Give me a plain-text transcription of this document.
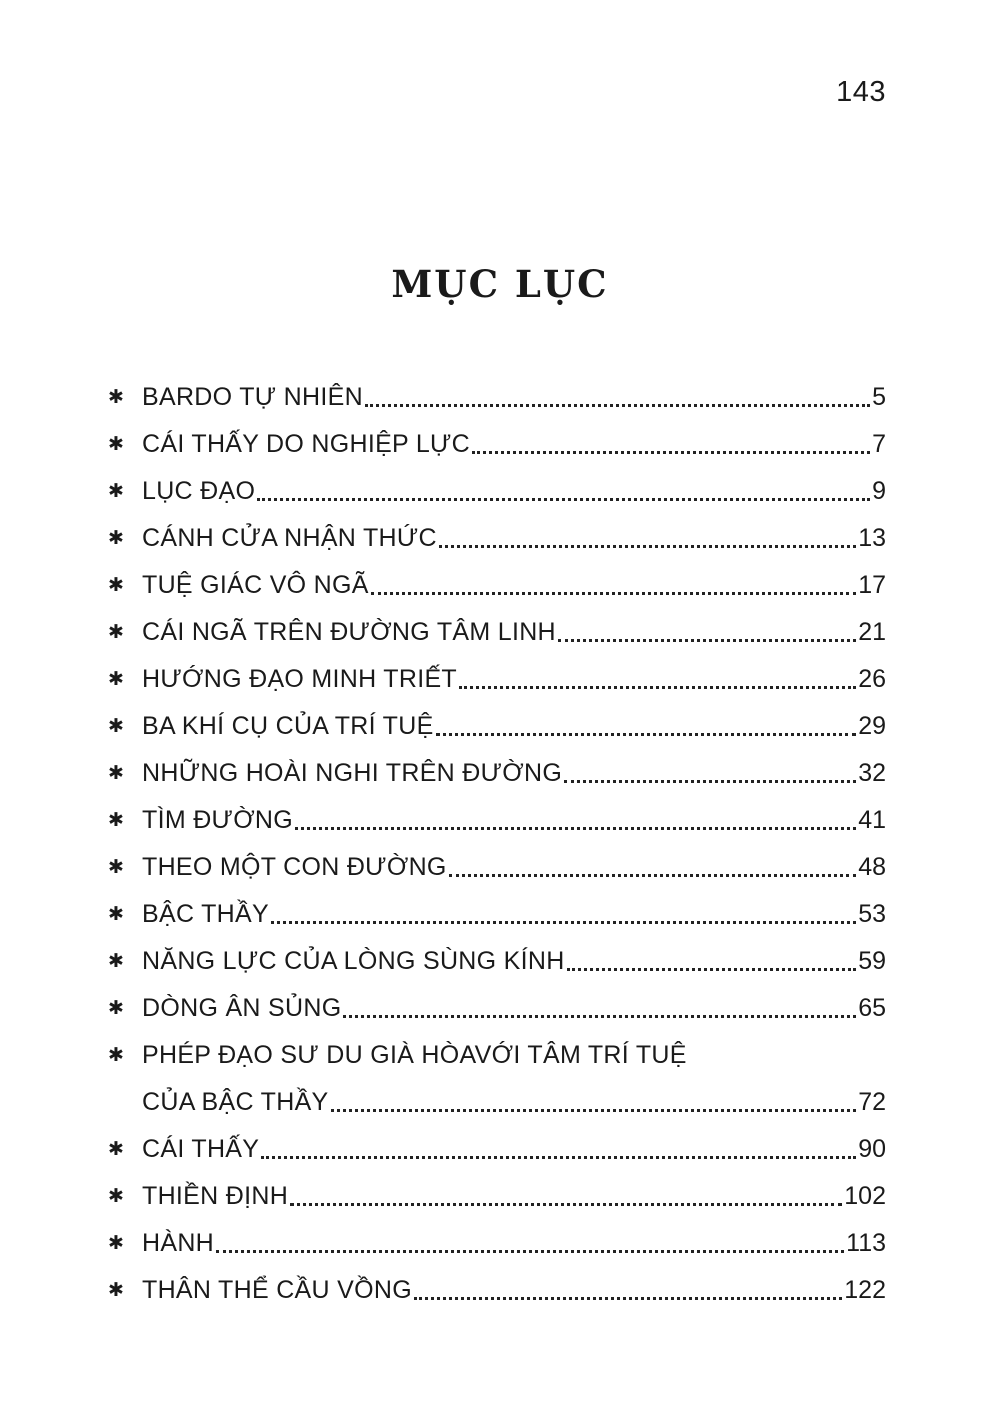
143
MỤC LỤC
✱ BARDO TỰ NHIÊN	5
✱ CÁI THẤY DO NGHIỆP LỰC	7
✱ LỤC ĐẠO	9
✱ CÁNH CỬA NHẬN THỨC	13
✱ TUỆ GIÁC VÔ NGÃ	17
✱ CÁI NGÃ TRÊN ĐƯỜNG TÂM LINH	21
✱ HƯỚNG ĐẠO MINH TRIẾT	26
✱ BA KHÍ CỤ CỦA TRÍ TUỆ	29
✱ NHỮNG HOÀI NGHI TRÊN ĐƯỜNG	32
✱ TÌM ĐƯỜNG	41
✱ THEO MỘT CON ĐƯỜNG	48
✱ BẬC THẦY	53
✱ NĂNG LỰC CỦA LÒNG SÙNG KÍNH	59
✱ DÒNG ÂN SỦNG	65
✱ PHÉP ĐẠO SƯ DU GIÀ HÒAVỚI TÂM TRÍ TUỆ
CỦA BẬC THẦY	72
✱ CÁI THẤY	90
✱ THIỀN ĐỊNH	102
✱ HÀNH	113
✱ THÂN THỂ CẦU VỒNG	122
